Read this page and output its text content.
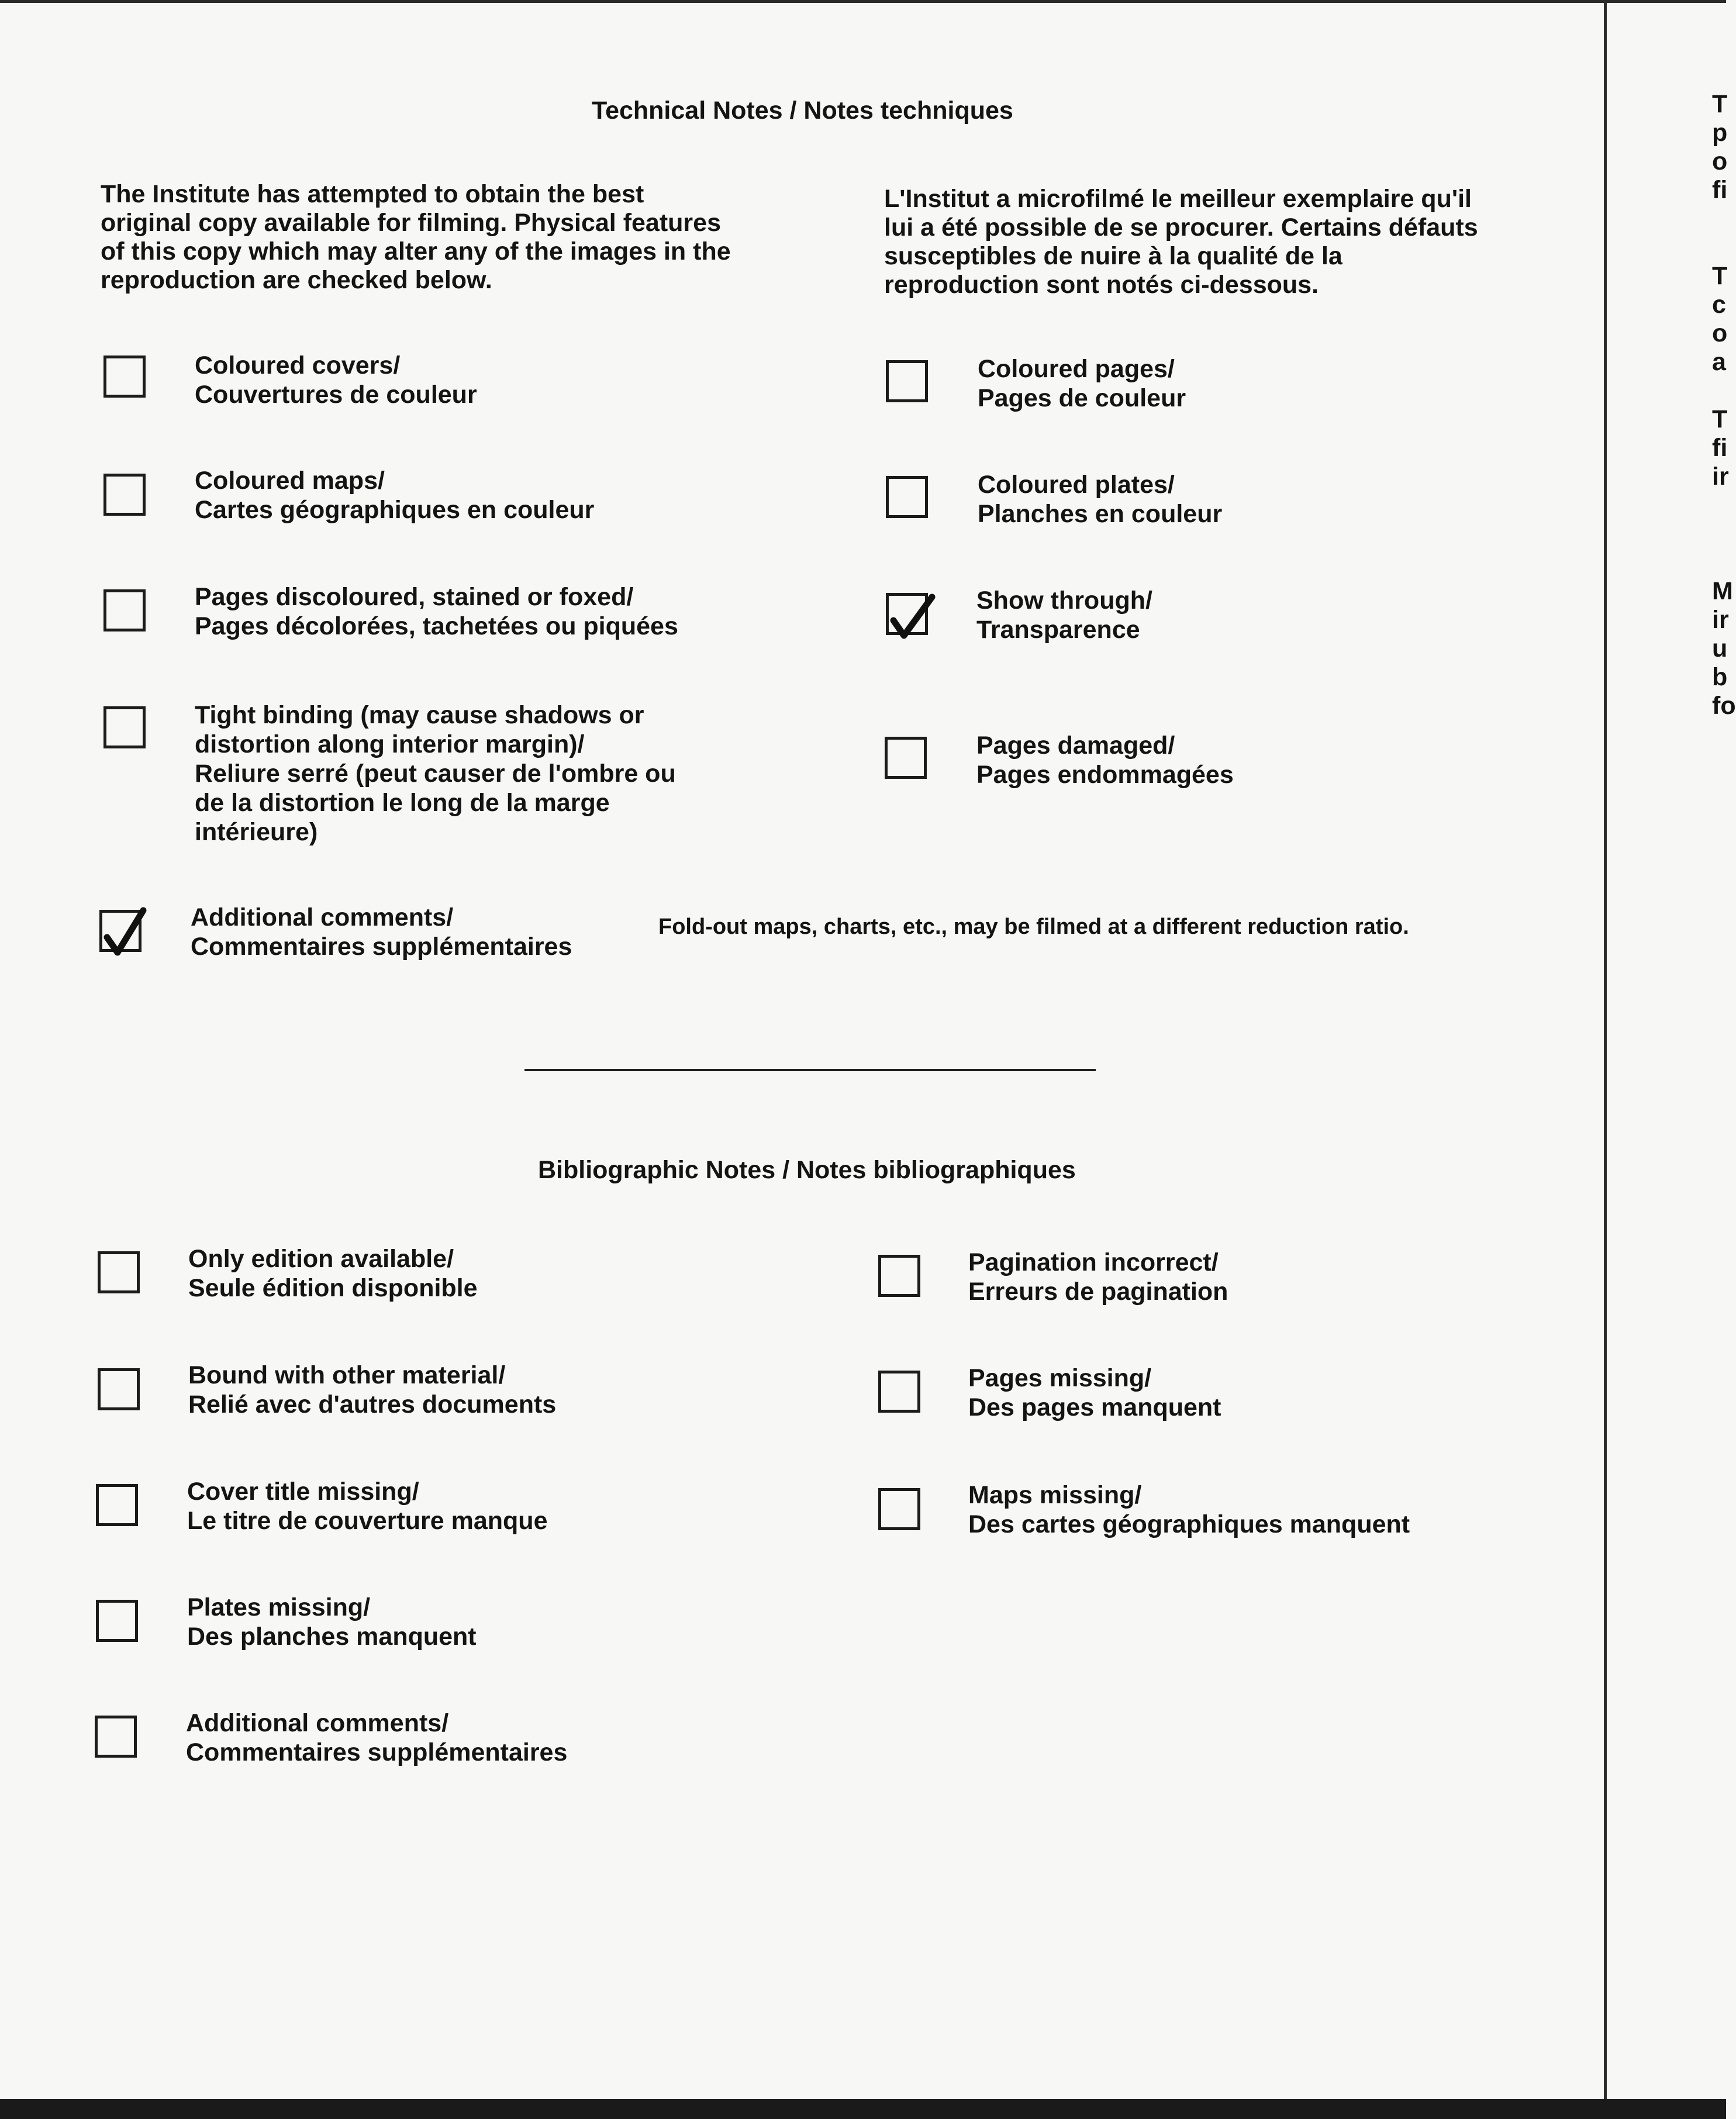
Technical Notes / Notes techniques
The Institute has attempted to obtain the best original copy available for filming. Physical features of this copy which may alter any of the images in the reproduction are checked below.
L'Institut a microfilmé le meilleur exemplaire qu'il lui a été possible de se procurer. Certains défauts susceptibles de nuire à la qualité de la reproduction sont notés ci-dessous.
Coloured covers/
Couvertures de couleur
Coloured maps/
Cartes géographiques en couleur
Pages discoloured, stained or foxed/
Pages décolorées, tachetées ou piquées
Tight binding (may cause shadows or
distortion along interior margin)/
Reliure serré (peut causer de l'ombre ou
de la distortion le long de la marge
intérieure)
Additional comments/
Commentaires supplémentaires
Fold-out maps, charts, etc., may be filmed at a different reduction ratio.
Coloured pages/
Pages de couleur
Coloured plates/
Planches en couleur
Show through/
Transparence
Pages damaged/
Pages endommagées
Bibliographic Notes / Notes bibliographiques
Only edition available/
Seule édition disponible
Bound with other material/
Relié avec d'autres documents
Cover title missing/
Le titre de couverture manque
Plates missing/
Des planches manquent
Additional comments/
Commentaires supplémentaires
Pagination incorrect/
Erreurs de pagination
Pages missing/
Des pages manquent
Maps missing/
Des cartes géographiques manquent
T
p
o
fi

T
c
o
a

T
fi
ir

M
ir
u
b
fo
